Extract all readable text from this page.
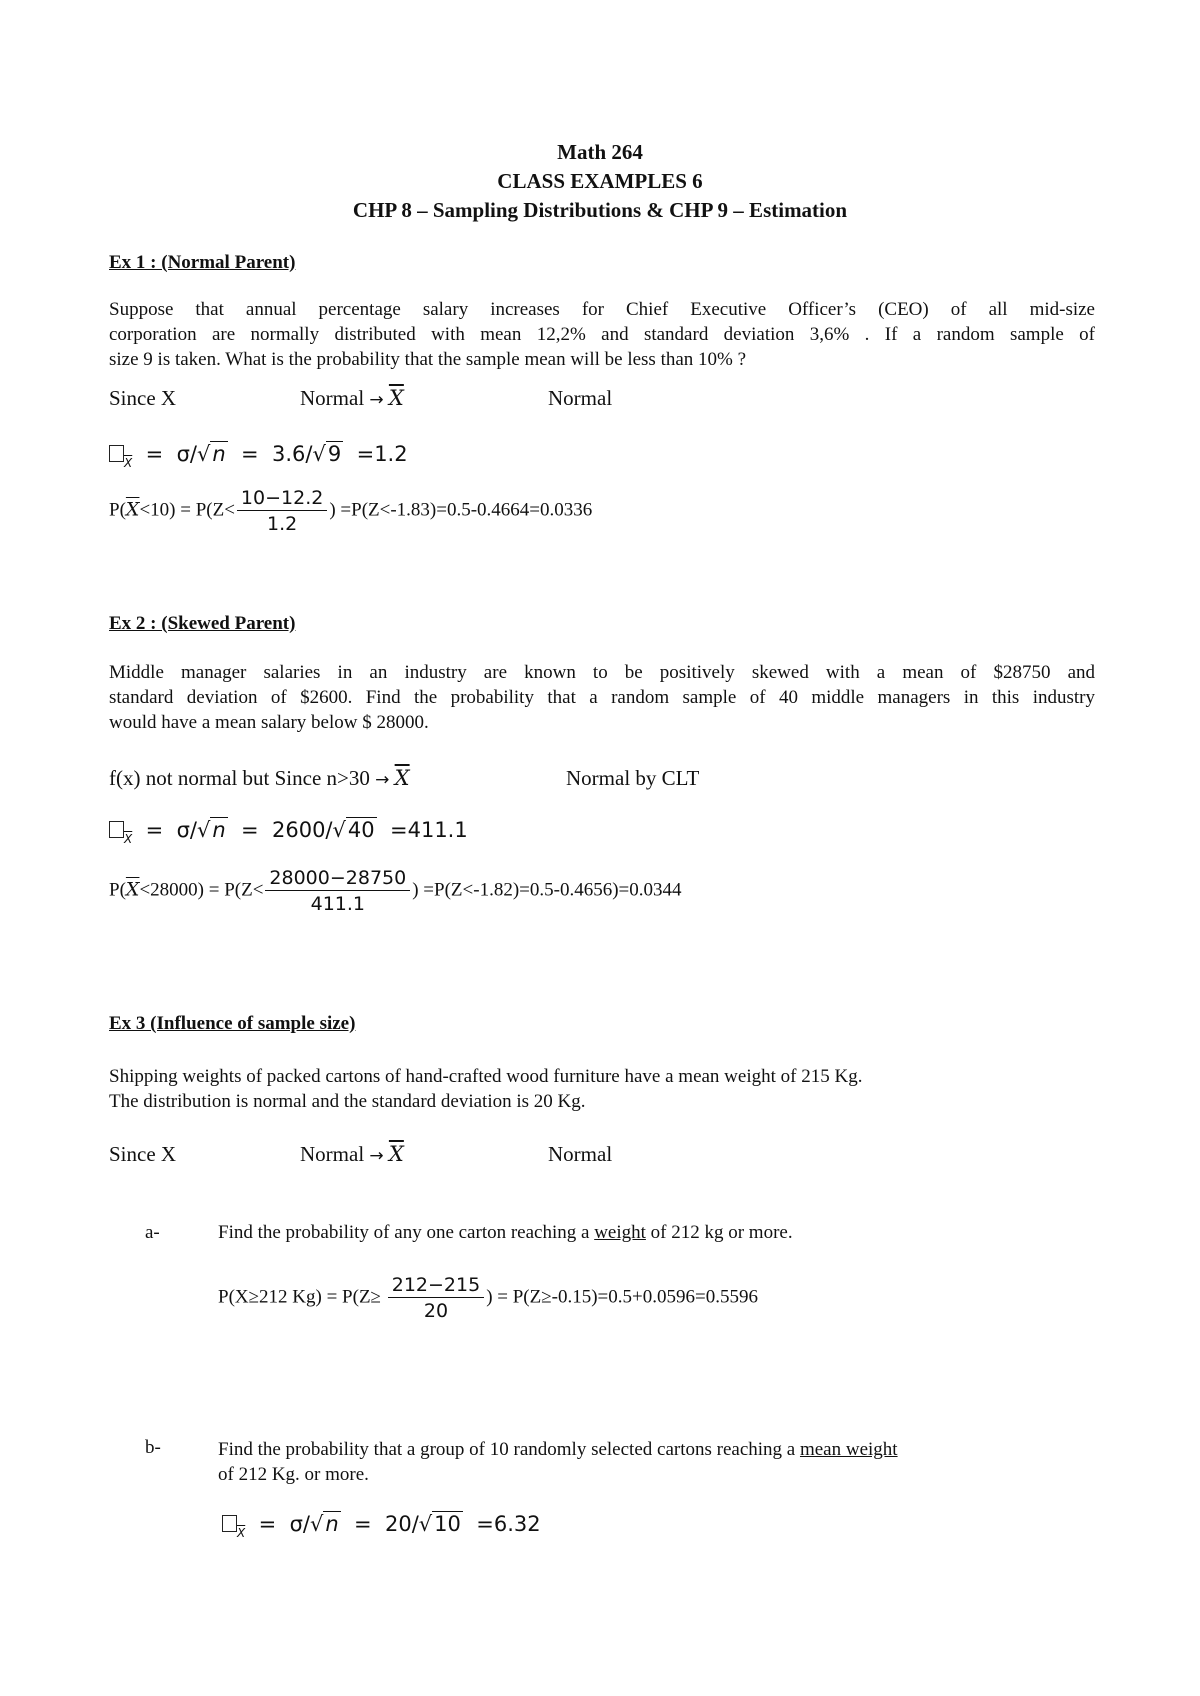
Math 264
CLASS EXAMPLES 6
CHP 8 – Sampling Distributions & CHP 9 – Estimation
Ex 1 : (Normal Parent)
Suppose that annual percentage salary increases for Chief Executive Officer’s (CEO) of all mid-size
corporation are normally distributed with mean 12,2% and standard deviation 3,6% . If a random sample of
size 9 is taken. What is the probability that the sample mean will be less than 10% ?
Since X	Normal → $\overline{X}$	Normal
$_{\overline{X}}$ = σ/√n = 3.6/√9 =1.2
$P(\overline{X}<10) = P(Z< \frac{10-12.2}{1.2}$ ) =P(Z<-1.83)=0.5-0.4664=0.0336
Ex 2 : (Skewed Parent)
Middle manager salaries in an industry are known to be positively skewed with a mean of $28750 and
standard deviation of $2600. Find the probability that a random sample of 40 middle managers in this industry
would have a mean salary below $ 28000.
f(x) not normal but Since $n>30 \to \overline{X}$	Normal by CLT
$_{\overline{X}}$ = σ/√n = 2600/√40 =411.1
$P(\overline{X}<28000) = P(Z< \frac{28000-28750}{411.1}$ ) =P(Z<-1.82)=0.5-0.4656)=0.0344
Ex 3 (Influence of sample size)
Shipping weights of packed cartons of hand-crafted wood furniture have a mean weight of 215 Kg.
The distribution is normal and the standard deviation is 20 Kg.
Since X	Normal → $\overline{X}$	Normal
a-	Find the probability of any one carton reaching a weight of 212 kg or more.
P(X≥212 $Kg) = P(Z\ge \frac{212-215}{20}$ ) = P(Z≥-0.15)=0.5+0.0596=0.5596
b-	Find the probability that a group of 10 randomly selected cartons reaching a mean weight
of 212 Kg. or more.
$_{\overline{X}}$ = σ/√n = 20/√10 =6.32
